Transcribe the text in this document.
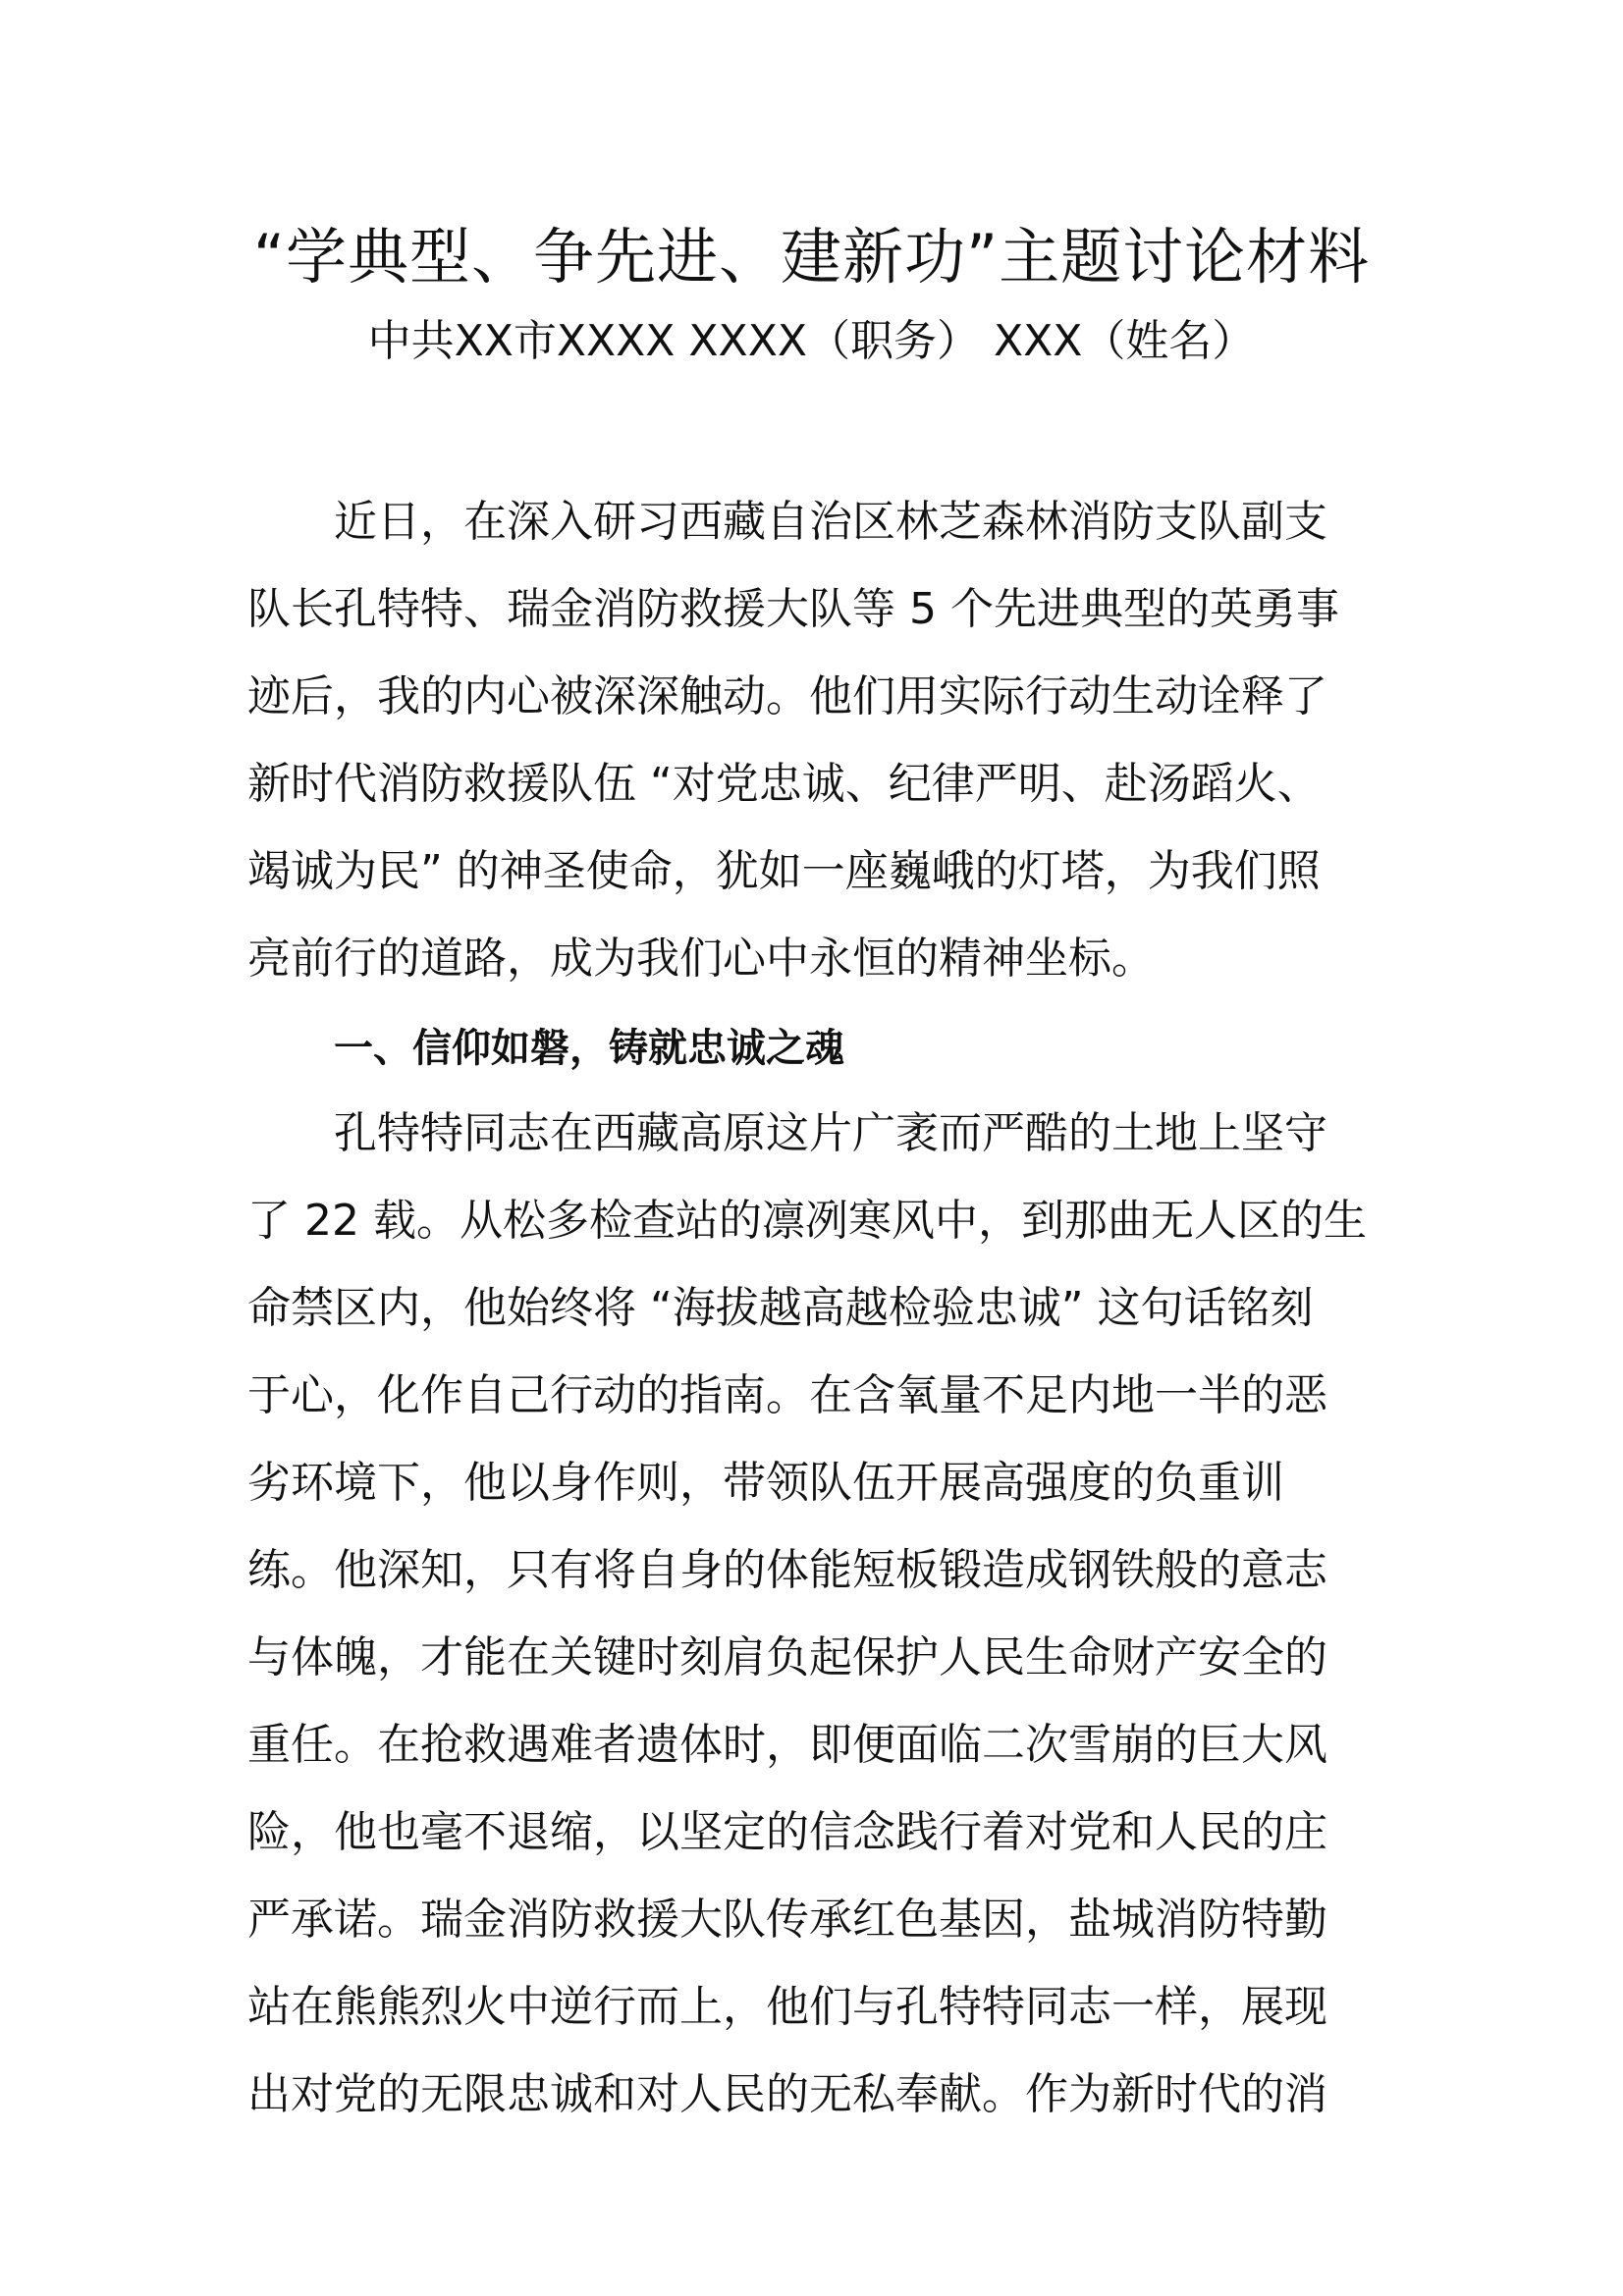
“学典型、争先进、建新功”主题讨论材料
中共XX市XXXX XXXX（职务） XXX（姓名）
近日，在深入研习西藏自治区林芝森林消防支队副支
队长孔特特、瑞金消防救援大队等 5 个先进典型的英勇事
迹后，我的内心被深深触动。他们用实际行动生动诠释了
新时代消防救援队伍 “对党忠诚、纪律严明、赴汤蹈火、
竭诚为民” 的神圣使命，犹如一座巍峨的灯塔，为我们照
亮前行的道路，成为我们心中永恒的精神坐标。
一、信仰如磐，铸就忠诚之魂
孔特特同志在西藏高原这片广袤而严酷的土地上坚守
了 22 载。从松多检查站的凛冽寒风中，到那曲无人区的生
命禁区内，他始终将 “海拔越高越检验忠诚” 这句话铭刻
于心，化作自己行动的指南。在含氧量不足内地一半的恶
劣环境下，他以身作则，带领队伍开展高强度的负重训
练。他深知，只有将自身的体能短板锻造成钢铁般的意志
与体魄，才能在关键时刻肩负起保护人民生命财产安全的
重任。在抢救遇难者遗体时，即便面临二次雪崩的巨大风
险，他也毫不退缩，以坚定的信念践行着对党和人民的庄
严承诺。瑞金消防救援大队传承红色基因，盐城消防特勤
站在熊熊烈火中逆行而上，他们与孔特特同志一样，展现
出对党的无限忠诚和对人民的无私奉献。作为新时代的消
